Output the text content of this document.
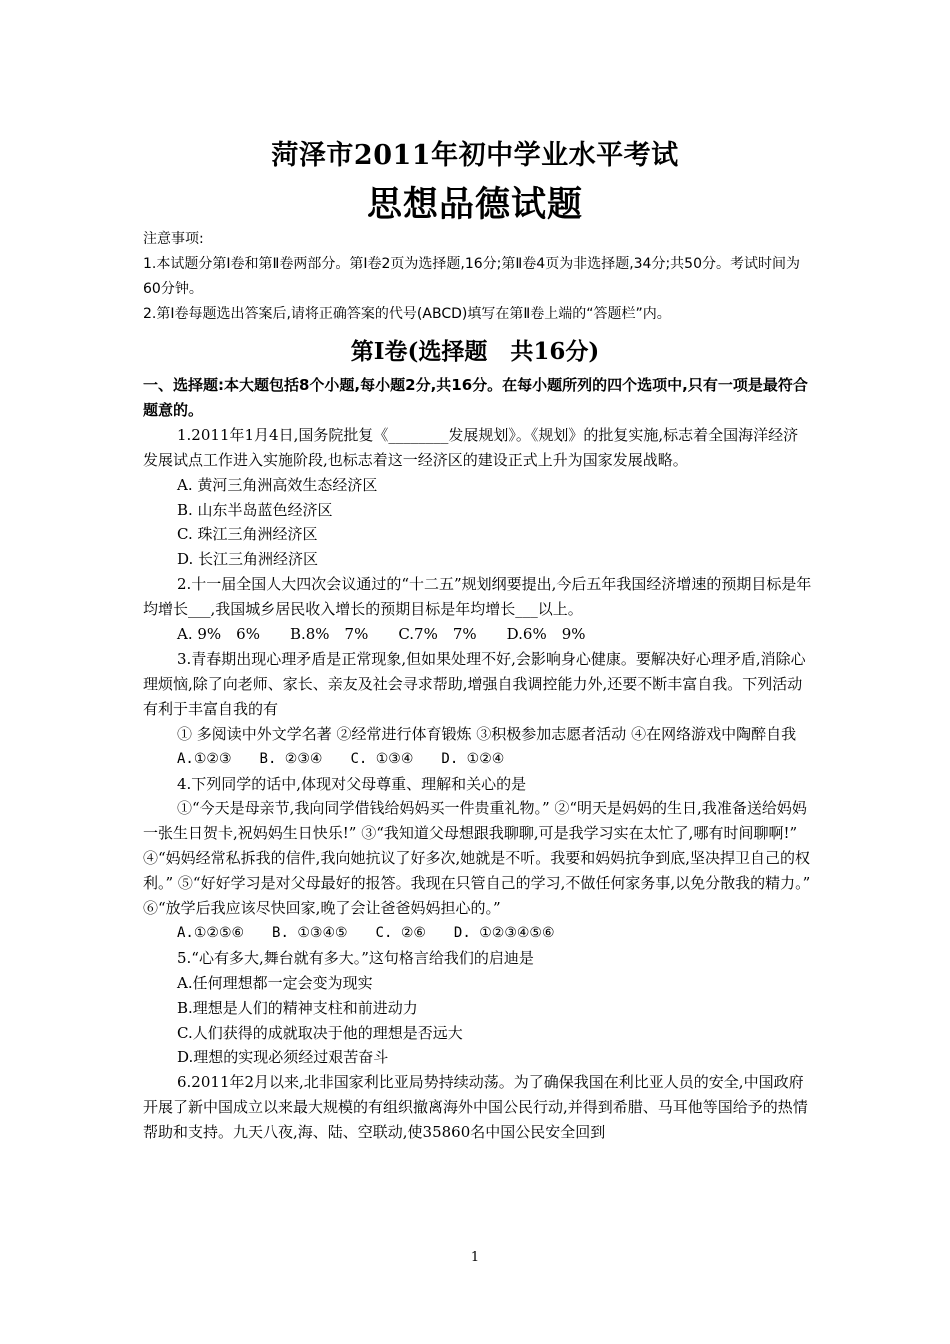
菏泽市2011年初中学业水平考试
思想品德试题

注意事项:

1.本试题分第Ⅰ卷和第Ⅱ卷两部分。第Ⅰ卷2页为选择题,16分;第Ⅱ卷4页为非选择题,34分;共50分。考试时间为60分钟。

2.第Ⅰ卷每题选出答案后,请将正确答案的代号(ABCD)填写在第Ⅱ卷上端的“答题栏”内。

第Ⅰ卷(选择题　共16分)

一、选择题:本大题包括8个小题,每小题2分,共16分。在每小题所列的四个选项中,只有一项是最符合题意的。

1.2011年1月4日,国务院批复《________发展规划》。《规划》的批复实施,标志着全国海洋经济发展试点工作进入实施阶段,也标志着这一经济区的建设正式上升为国家发展战略。

A. 黄河三角洲高效生态经济区

B. 山东半岛蓝色经济区

C. 珠江三角洲经济区

D. 长江三角洲经济区

2.十一届全国人大四次会议通过的“十二五”规划纲要提出,今后五年我国经济增速的预期目标是年均增长___,我国城乡居民收入增长的预期目标是年均增长___以上。

A. 9%　6%　　B.8%　7%　　C.7%　7%　　D.6%　9%

3.青春期出现心理矛盾是正常现象,但如果处理不好,会影响身心健康。要解决好心理矛盾,消除心理烦恼,除了向老师、家长、亲友及社会寻求帮助,增强自我调控能力外,还要不断丰富自我。下列活动有利于丰富自我的有

① 多阅读中外文学名著 ②经常进行体育锻炼 ③积极参加志愿者活动 ④在网络游戏中陶醉自我

A.①②③　　B. ②③④　　C. ①③④　　D. ①②④

4.下列同学的话中,体现对父母尊重、理解和关心的是

①“今天是母亲节,我向同学借钱给妈妈买一件贵重礼物。” ②“明天是妈妈的生日,我准备送给妈妈一张生日贺卡,祝妈妈生日快乐!” ③“我知道父母想跟我聊聊,可是我学习实在太忙了,哪有时间聊啊!” ④“妈妈经常私拆我的信件,我向她抗议了好多次,她就是不听。我要和妈妈抗争到底,坚决捍卫自己的权利。” ⑤“好好学习是对父母最好的报答。我现在只管自己的学习,不做任何家务事,以免分散我的精力。” ⑥“放学后我应该尽快回家,晚了会让爸爸妈妈担心的。”

A.①②⑤⑥　　B. ①③④⑤　　C. ②⑥　　D. ①②③④⑤⑥

5.“心有多大,舞台就有多大。”这句格言给我们的启迪是

A.任何理想都一定会变为现实

B.理想是人们的精神支柱和前进动力

C.人们获得的成就取决于他的理想是否远大

D.理想的实现必须经过艰苦奋斗

6.2011年2月以来,北非国家利比亚局势持续动荡。为了确保我国在利比亚人员的安全,中国政府开展了新中国成立以来最大规模的有组织撤离海外中国公民行动,并得到希腊、马耳他等国给予的热情帮助和支持。九天八夜,海、陆、空联动,使35860名中国公民安全回到

1
